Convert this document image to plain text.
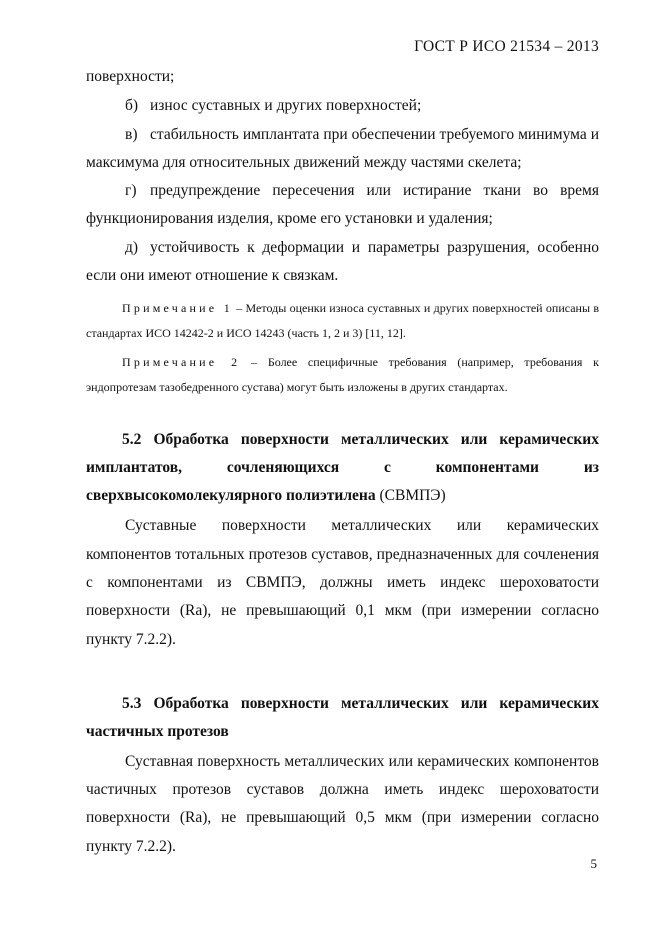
ГОСТ Р ИСО 21534 – 2013

поверхности;

б) износ суставных и других поверхностей;

в) стабильность имплантата при обеспечении требуемого минимума и максимума для относительных движений между частями скелета;

г) предупреждение пересечения или истирание ткани во время функционирования изделия, кроме его установки и удаления;

д) устойчивость к деформации и параметры разрушения, особенно если они имеют отношение к связкам.

Примечание 1 – Методы оценки износа суставных и других поверхностей описаны в стандартах ИСО 14242-2 и ИСО 14243 (часть 1, 2 и 3) [11, 12].

Примечание 2 – Более специфичные требования (например, требования к эндопротезам тазобедренного сустава) могут быть изложены в других стандартах.

5.2 Обработка поверхности металлических или керамических имплантатов, сочленяющихся с компонентами из сверхвысокомолекулярного полиэтилена (СВМПЭ)

Суставные поверхности металлических или керамических компонентов тотальных протезов суставов, предназначенных для сочленения с компонентами из СВМПЭ, должны иметь индекс шероховатости поверхности (Ra), не превышающий 0,1 мкм (при измерении согласно пункту 7.2.2).

5.3 Обработка поверхности металлических или керамических частичных протезов

Суставная поверхность металлических или керамических компонентов частичных протезов суставов должна иметь индекс шероховатости поверхности (Ra), не превышающий 0,5 мкм (при измерении согласно пункту 7.2.2).

5
